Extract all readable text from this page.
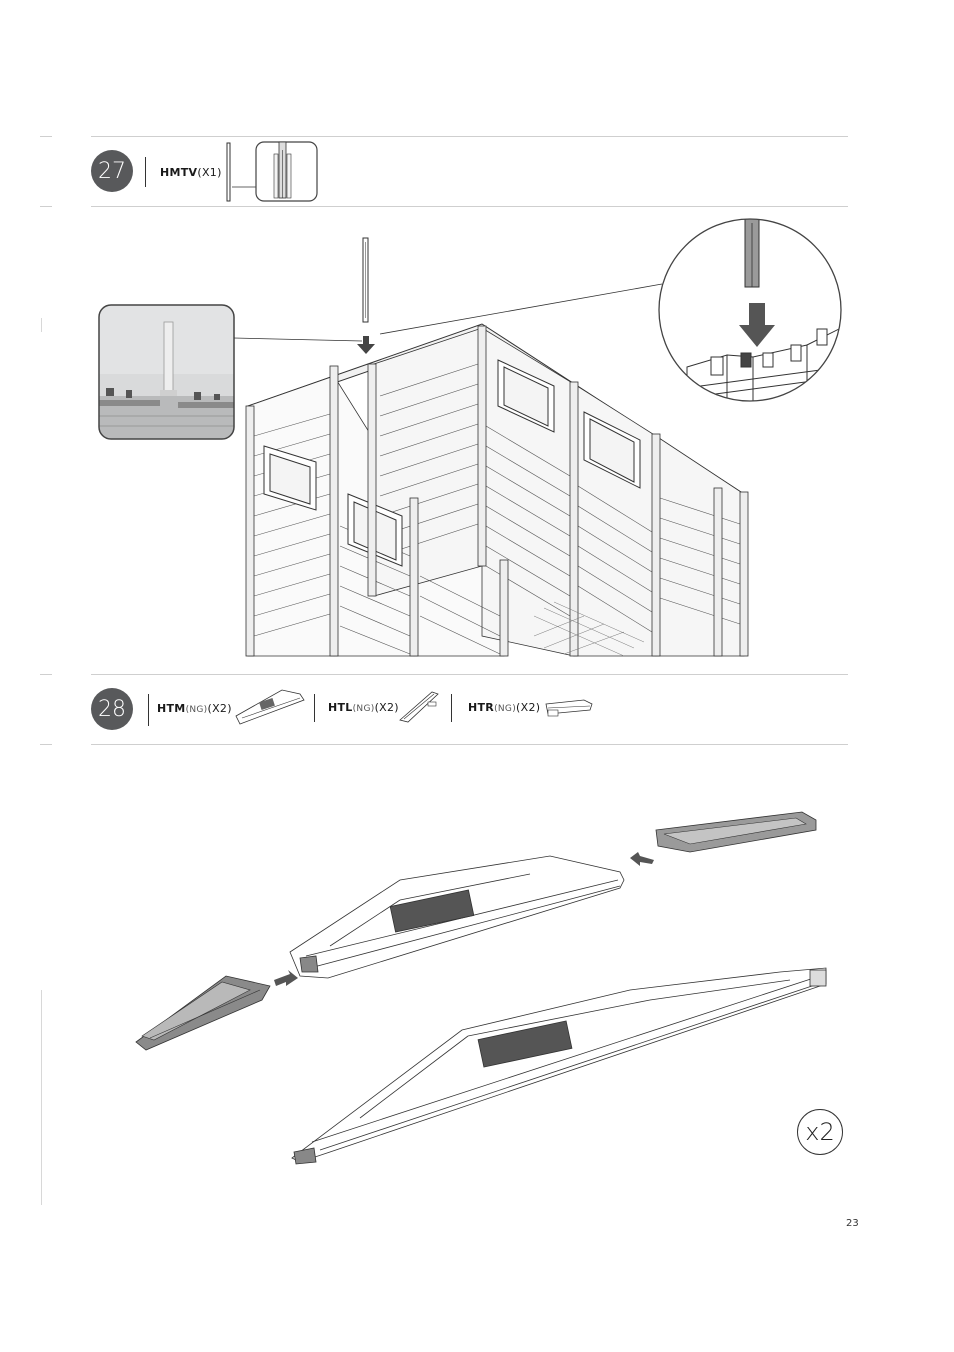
27	HMTV(X1)
28	HTM(NG)(X2)	HTL(NG)(X2)	HTR(NG)(X2)
x2
23
